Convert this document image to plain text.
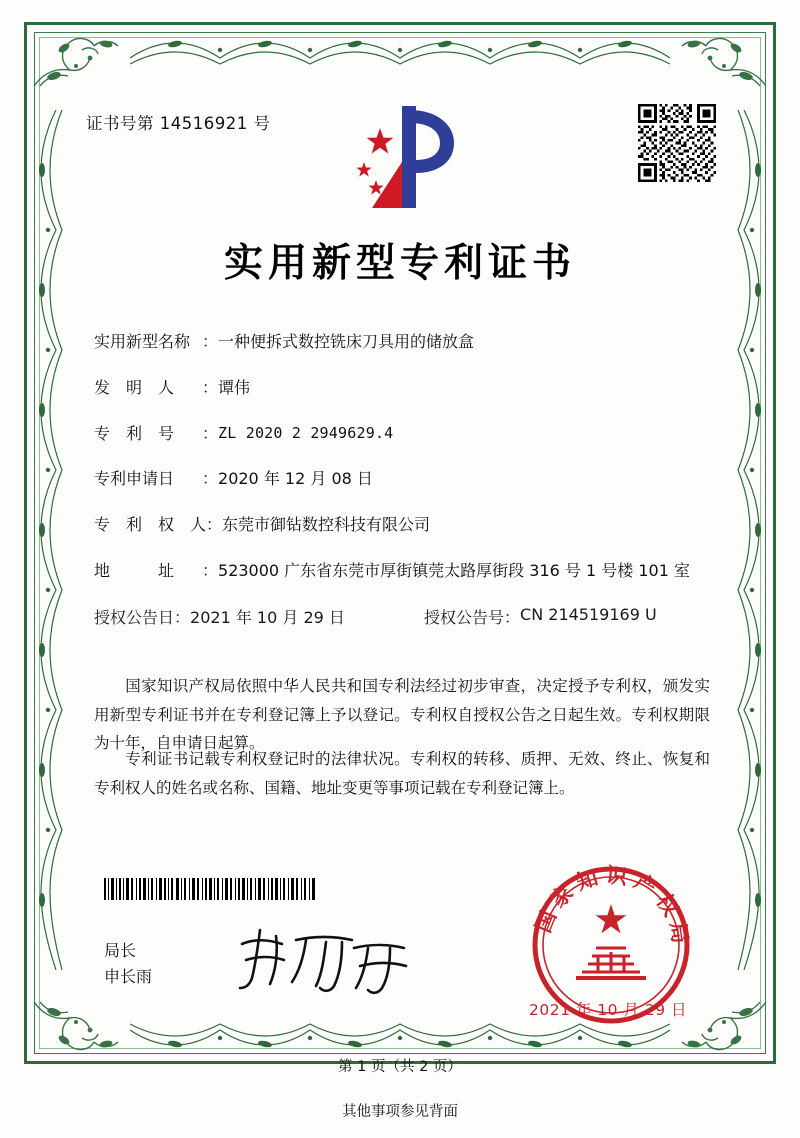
证书号第 14516921 号
实用新型专利证书
实用新型名称 ： 一种便拆式数控铣床刀具用的储放盒
发　明　人	： 谭伟
专　利　号	： ZL 2020 2 2949629.4
专利申请日	： 2020 年 12 月 08 日
专　利　权　人 ： 东莞市御钻数控科技有限公司
地　　　址	： 523000 广东省东莞市厚街镇莞太路厚街段 316 号 1 号楼 101 室
授权公告日 ： 2021 年 10 月 29 日	授权公告号 ： CN 214519169 U
国家知识产权局依照中华人民共和国专利法经过初步审查，决定授予专利权，颁发实用新型专利证书并在专利登记簿上予以登记。专利权自授权公告之日起生效。专利权期限为十年，自申请日起算。
专利证书记载专利权登记时的法律状况。专利权的转移、质押、无效、终止、恢复和专利权人的姓名或名称、国籍、地址变更等事项记载在专利登记簿上。
局长
申长雨
国家知识产权局
2021 年 10 月 29 日
第 1 页（共 2 页）
其他事项参见背面
